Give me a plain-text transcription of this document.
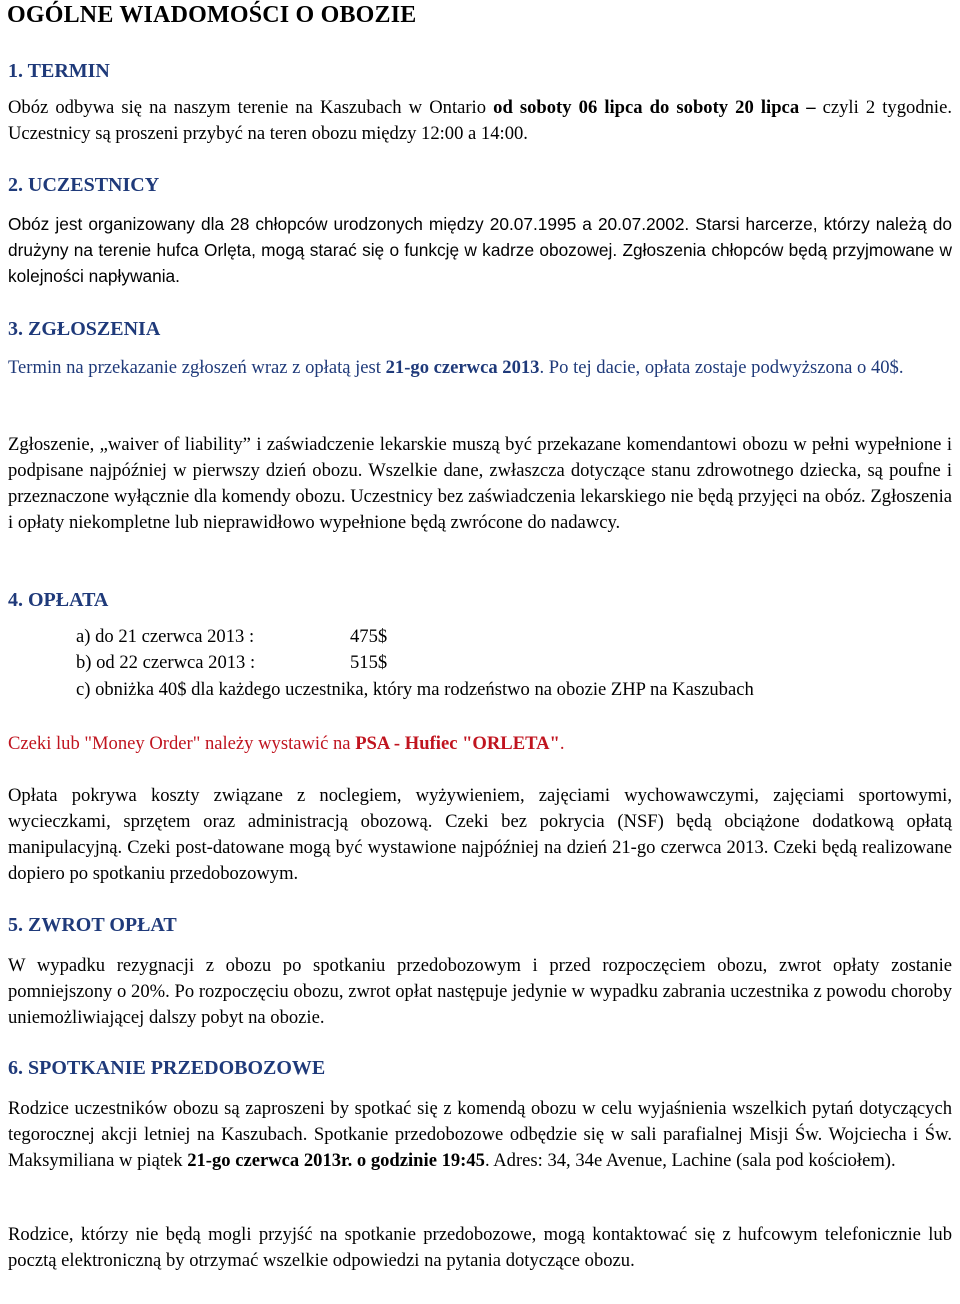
OGÓLNE WIADOMOŚCI O OBOZIE
1. TERMIN

Obóz odbywa się na naszym terenie na Kaszubach w Ontario od soboty 06 lipca do soboty 20 lipca – czyli 2 tygodnie. Uczestnicy są proszeni przybyć na teren obozu między 12:00 a 14:00.

2. UCZESTNICY

Obóz jest organizowany dla 28 chłopców urodzonych między 20.07.1995 a 20.07.2002. Starsi harcerze, którzy należą do drużyny na terenie hufca Orlęta, mogą starać się o funkcję w kadrze obozowej. Zgłoszenia chłopców będą przyjmowane w kolejności napływania.

3. ZGŁOSZENIA

Termin na przekazanie zgłoszeń wraz z opłatą jest 21-go czerwca 2013. Po tej dacie, opłata zostaje podwyższona o 40$.

Zgłoszenie, „waiver of liability” i zaświadczenie lekarskie muszą być przekazane komendantowi obozu w pełni wypełnione i podpisane najpóźniej w pierwszy dzień obozu. Wszelkie dane, zwłaszcza dotyczące stanu zdrowotnego dziecka, są poufne i przeznaczone wyłącznie dla komendy obozu. Uczestnicy bez zaświadczenia lekarskiego nie będą przyjęci na obóz. Zgłoszenia i opłaty niekompletne lub nieprawidłowo wypełnione będą zwrócone do nadawcy.

4. OPŁATA
a) do 21 czerwca 2013 :	475$
b) od 22 czerwca 2013 :	515$
c) obniżka 40$ dla każdego uczestnika, który ma rodzeństwo na obozie ZHP na Kaszubach

Czeki lub "Money Order" należy wystawić na PSA - Hufiec "ORLETA".

Opłata pokrywa koszty związane z noclegiem, wyżywieniem, zajęciami wychowawczymi, zajęciami sportowymi, wycieczkami, sprzętem oraz administracją obozową. Czeki bez pokrycia (NSF) będą obciążone dodatkową opłatą manipulacyjną. Czeki post-datowane mogą być wystawione najpóźniej na dzień 21-go czerwca 2013. Czeki będą realizowane dopiero po spotkaniu przedobozowym.

5. ZWROT OPŁAT

W wypadku rezygnacji z obozu po spotkaniu przedobozowym i przed rozpoczęciem obozu, zwrot opłaty zostanie pomniejszony o 20%. Po rozpoczęciu obozu, zwrot opłat następuje jedynie w wypadku zabrania uczestnika z powodu choroby uniemożliwiającej dalszy pobyt na obozie.

6. SPOTKANIE PRZEDOBOZOWE

Rodzice uczestników obozu są zaproszeni by spotkać się z komendą obozu w celu wyjaśnienia wszelkich pytań dotyczących tegorocznej akcji letniej na Kaszubach. Spotkanie przedobozowe odbędzie się w sali parafialnej Misji Św. Wojciecha i Św. Maksymiliana w piątek 21-go czerwca 2013r. o godzinie 19:45. Adres: 34, 34e Avenue, Lachine (sala pod kościołem).

Rodzice, którzy nie będą mogli przyjść na spotkanie przedobozowe, mogą kontaktować się z hufcowym telefonicznie lub pocztą elektroniczną by otrzymać wszelkie odpowiedzi na pytania dotyczące obozu.
